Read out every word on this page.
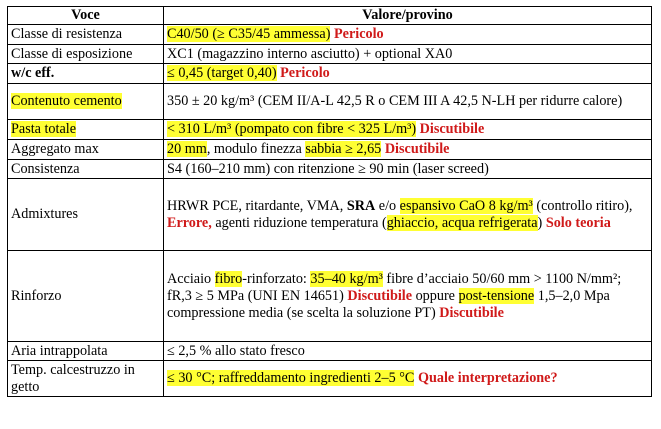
Voce	Valore/provino
Classe di resistenza	C40/50 (≥ C35/45 ammessa) Pericolo
Classe di esposizione	XC1 (magazzino interno asciutto) + optional XA0
w/c eff.	≤ 0,45 (target 0,40) Pericolo
Contenuto cemento	350 ± 20 kg/m³ (CEM II/A-L 42,5 R o CEM III A 42,5 N-LH per ridurre calore)
Pasta totale	< 310 L/m³ (pompato con fibre < 325 L/m³) Discutibile
Aggregato max	20 mm, modulo finezza sabbia ≥ 2,65 Discutibile
Consistenza	S4 (160–210 mm) con ritenzione ≥ 90 min (laser screed)
Admixtures	HRWR PCE, ritardante, VMA, SRA e/o espansivo CaO 8 kg/m³ (controllo ritiro),
Errore, agenti riduzione temperatura (ghiaccio, acqua refrigerata) Solo teoria
Rinforzo	Acciaio fibro-rinforzato: 35–40 kg/m³ fibre d’acciaio 50/60 mm > 1100 N/mm²;
fR,3 ≥ 5 MPa (UNI EN 14651) Discutibile oppure post-tensione 1,5–2,0 Mpa
compressione media (se scelta la soluzione PT) Discutibile
Aria intrappolata	≤ 2,5 % allo stato fresco
Temp. calcestruzzo in getto	≤ 30 °C; raffreddamento ingredienti 2–5 °C Quale interpretazione?
